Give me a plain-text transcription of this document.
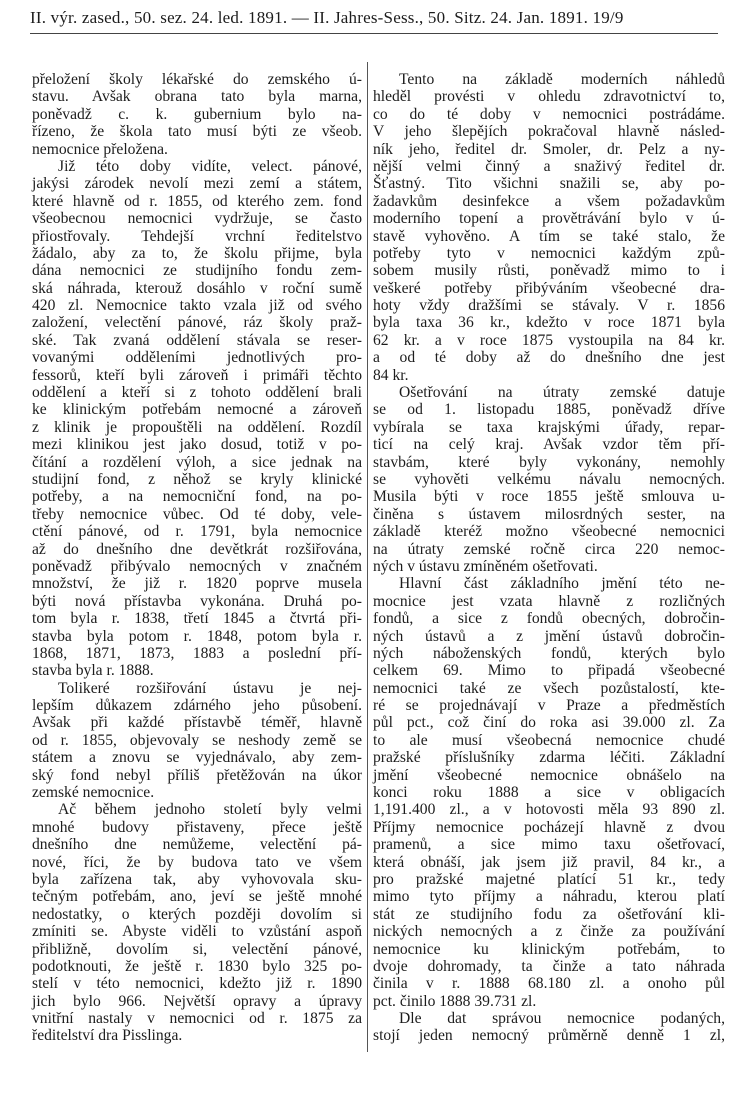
II. výr. zased., 50. sez. 24. led. 1891. — II. Jahres-Sess., 50. Sitz. 24. Jan. 1891. 19/9
přeložení školy lékařské do zemského ú-
stavu. Avšak obrana tato byla marna,
poněvadž c. k. gubernium bylo na-
řízeno, že škola tato musí býti ze všeob.
nemocnice přeložena.
Již této doby vidíte, velect. pánové,
jakýsi zárodek nevolí mezi zemí a státem,
které hlavně od r. 1855, od kterého zem. fond
všeobecnou nemocnici vydržuje, se často
přiostřovaly. Tehdejší vrchní ředitelstvo
žádalo, aby za to, že školu přijme, byla
dána nemocnici ze studijního fondu zem-
ská náhrada, kterouž dosáhlo v roční sumě
420 zl. Nemocnice takto vzala již od svého
založení, velectění pánové, ráz školy praž-
ské. Tak zvaná oddělení stávala se reser-
vovanými odděleními jednotlivých pro-
fessorů, kteří byli zároveň i primáři těchto
oddělení a kteří si z tohoto oddělení brali
ke klinickým potřebám nemocné a zároveň
z klinik je propouštěli na oddělení. Rozdíl
mezi klinikou jest jako dosud, totiž v po-
čítání a rozdělení výloh, a sice jednak na
studijní fond, z něhož se kryly klinické
potřeby, a na nemocniční fond, na po-
třeby nemocnice vůbec. Od té doby, vele-
ctění pánové, od r. 1791, byla nemocnice
až do dnešního dne devětkrát rozšiřována,
poněvadž přibývalo nemocných v značném
množství, že již r. 1820 poprve musela
býti nová přístavba vykonána. Druhá po-
tom byla r. 1838, třetí 1845 a čtvrtá při-
stavba byla potom r. 1848, potom byla r.
1868, 1871, 1873, 1883 a poslední pří-
stavba byla r. 1888.
Tolikeré rozšiřování ústavu je nej-
lepším důkazem zdárného jeho působení.
Avšak při každé přístavbě téměř, hlavně
od r. 1855, objevovaly se neshody země se
státem a znovu se vyjednávalo, aby zem-
ský fond nebyl příliš přetěžován na úkor
zemské nemocnice.
Ač během jednoho století byly velmi
mnohé budovy přistaveny, přece ještě
dnešního dne nemůžeme, velectění pá-
nové, říci, že by budova tato ve všem
byla zařízena tak, aby vyhovovala sku-
tečným potřebám, ano, jeví se ještě mnohé
nedostatky, o kterých později dovolím si
zmíniti se. Abyste viděli to vzůstání aspoň
přibližně, dovolím si, velectění pánové,
podotknouti, že ještě r. 1830 bylo 325 po-
stelí v této nemocnici, kdežto již r. 1890
jich bylo 966. Největší opravy a úpravy
vnitřní nastaly v nemocnici od r. 1875 za
ředitelství dra Pisslinga.
Tento na základě moderních náhledů
hleděl provésti v ohledu zdravotnictví to,
co do té doby v nemocnici postrádáme.
V jeho šlepějích pokračoval hlavně násled-
ník jeho, ředitel dr. Smoler, dr. Pelz a ny-
nější velmi činný a snaživý ředitel dr.
Šťastný. Tito všichni snažili se, aby po-
žadavkům desinfekce a všem požadavkům
moderního topení a provětrávání bylo v ú-
stavě vyhověno. A tím se také stalo, že
potřeby tyto v nemocnici každým způ-
sobem musily růsti, poněvadž mimo to i
veškeré potřeby přibýváním všeobecné dra-
hoty vždy dražšími se stávaly. V r. 1856
byla taxa 36 kr., kdežto v roce 1871 byla
62 kr. a v roce 1875 vystoupila na 84 kr.
a od té doby až do dnešního dne jest
84 kr.
Ošetřování na útraty zemské datuje
se od 1. listopadu 1885, poněvadž dříve
vybírala se taxa krajskými úřady, repar-
ticí na celý kraj. Avšak vzdor těm pří-
stavbám, které byly vykonány, nemohly
se vyhověti velkému návalu nemocných.
Musila býti v roce 1855 ještě smlouva u-
činěna s ústavem milosrdných sester, na
základě kteréž možno všeobecné nemocnici
na útraty zemské ročně circa 220 nemoc-
ných v ústavu zmíněném ošetřovati.
Hlavní část základního jmění této ne-
mocnice jest vzata hlavně z rozličných
fondů, a sice z fondů obecných, dobročin-
ných ústavů a z jmění ústavů dobročin-
ných náboženských fondů, kterých bylo
celkem 69. Mimo to připadá všeobecné
nemocnici také ze všech pozůstalostí, kte-
ré se projednávají v Praze a předměstích
půl pct., což činí do roka asi 39.000 zl. Za
to ale musí všeobecná nemocnice chudé
pražské příslušníky zdarma léčiti. Základní
jmění všeobecné nemocnice obnášelo na
konci roku 1888 a sice v obligacích
1,191.400 zl., a v hotovosti měla 93 890 zl.
Příjmy nemocnice pocházejí hlavně z dvou
pramenů, a sice mimo taxu ošetřovací,
která obnáší, jak jsem již pravil, 84 kr., a
pro pražské majetné platící 51 kr., tedy
mimo tyto příjmy a náhradu, kterou platí
stát ze studijního fodu za ošetřování kli-
nických nemocných a z činže za používání
nemocnice ku klinickým potřebám, to
dvoje dohromady, ta činže a tato náhrada
činila v r. 1888 68.180 zl. a onoho půl
pct. činilo 1888 39.731 zl.
Dle dat správou nemocnice podaných,
stojí jeden nemocný průměrně denně 1 zl,
